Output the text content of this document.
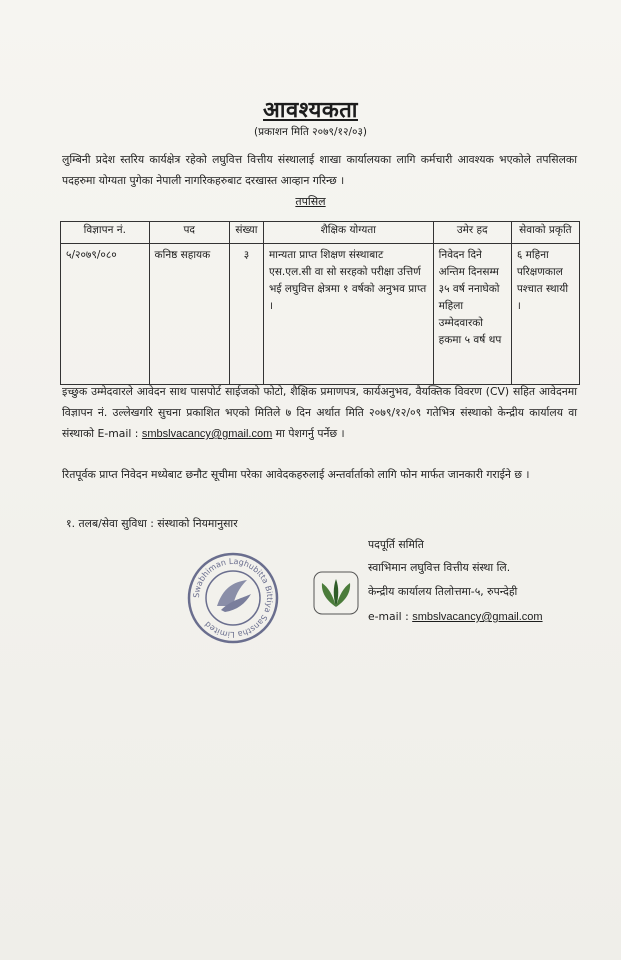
आवश्यकता
(प्रकाशन मिति २०७९/१२/०३)
लुम्बिनी प्रदेश स्तरिय कार्यक्षेत्र रहेको लघुवित्त वित्तीय संस्थालाई शाखा कार्यालयका लागि कर्मचारी आवश्यक भएकोले तपसिलका पदहरुमा योग्यता पुगेका नेपाली नागरिकहरुबाट दरखास्त आव्हान गरिन्छ ।
तपसिल
विज्ञापन नं.	पद	संख्या	शैक्षिक योग्यता	उमेर हद	सेवाको प्रकृति
५/२०७९/०८०	कनिष्ठ सहायक	३	मान्यता प्राप्त शिक्षण संस्थाबाट एस.एल.सी वा सो सरहको परीक्षा उत्तिर्ण भई लघुवित्त क्षेत्रमा १ वर्षको अनुभव प्राप्त ।	निवेदन दिने अन्तिम दिनसम्म ३५ वर्ष ननाघेको महिला उम्मेदवारको हकमा ५ वर्ष थप	६ महिना परिक्षणकाल पश्चात स्थायी ।
इच्छुक उम्मेदवारले आवेदन साथ पासपोर्ट साईजको फोटो, शैक्षिक प्रमाणपत्र, कार्यअनुभव, वैयक्तिक विवरण (CV) सहित आवेदनमा विज्ञापन नं. उल्लेखगरि सुचना प्रकाशित भएको मितिले ७ दिन अर्थात मिति २०७९/१२/०९ गतेभित्र संस्थाको केन्द्रीय कार्यालय वा संस्थाको E-mail : smbslvacancy@gmail.com मा पेशगर्नु पर्नेछ ।
रितपूर्वक प्राप्त निवेदन मध्येबाट छनौट सूचीमा परेका आवेदकहरुलाई अन्तर्वार्ताको लागि फोन मार्फत जानकारी गराईने छ ।
१. तलब/सेवा सुविधा : संस्थाको नियमानुसार
पदपूर्ति समिति
स्वाभिमान लघुवित्त वित्तीय संस्था लि.
केन्द्रीय कार्यालय तिलोत्तमा-५, रुपन्देही
e-mail : smbslvacancy@gmail.com
Swabhiman Laghubitta Bittiya Sanstha Limited
